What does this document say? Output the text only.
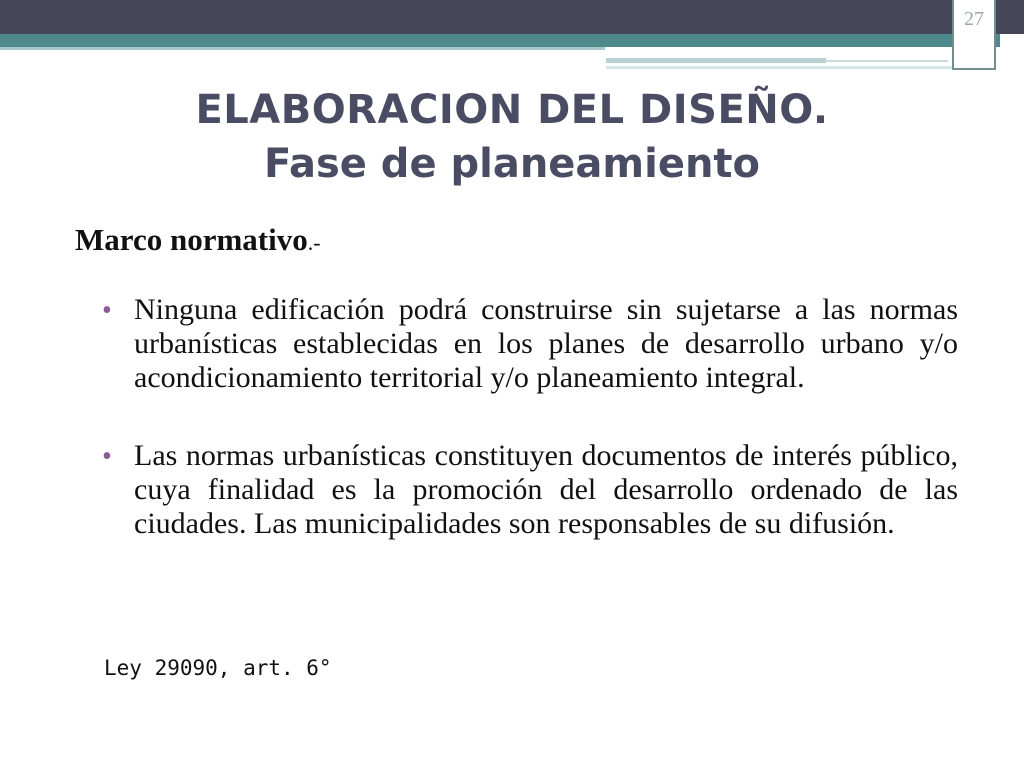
27
ELABORACION DEL DISEÑO.
Fase de planeamiento
Marco normativo.-
• Ninguna edificación podrá construirse sin sujetarse a las normas urbanísticas establecidas en los planes de desarrollo urbano y/o acondicionamiento territorial y/o planeamiento integral.

• Las normas urbanísticas constituyen documentos de interés público, cuya finalidad es la promoción del desarrollo ordenado de las ciudades. Las municipalidades son responsables de su difusión.

Ley 29090, art. 6°
